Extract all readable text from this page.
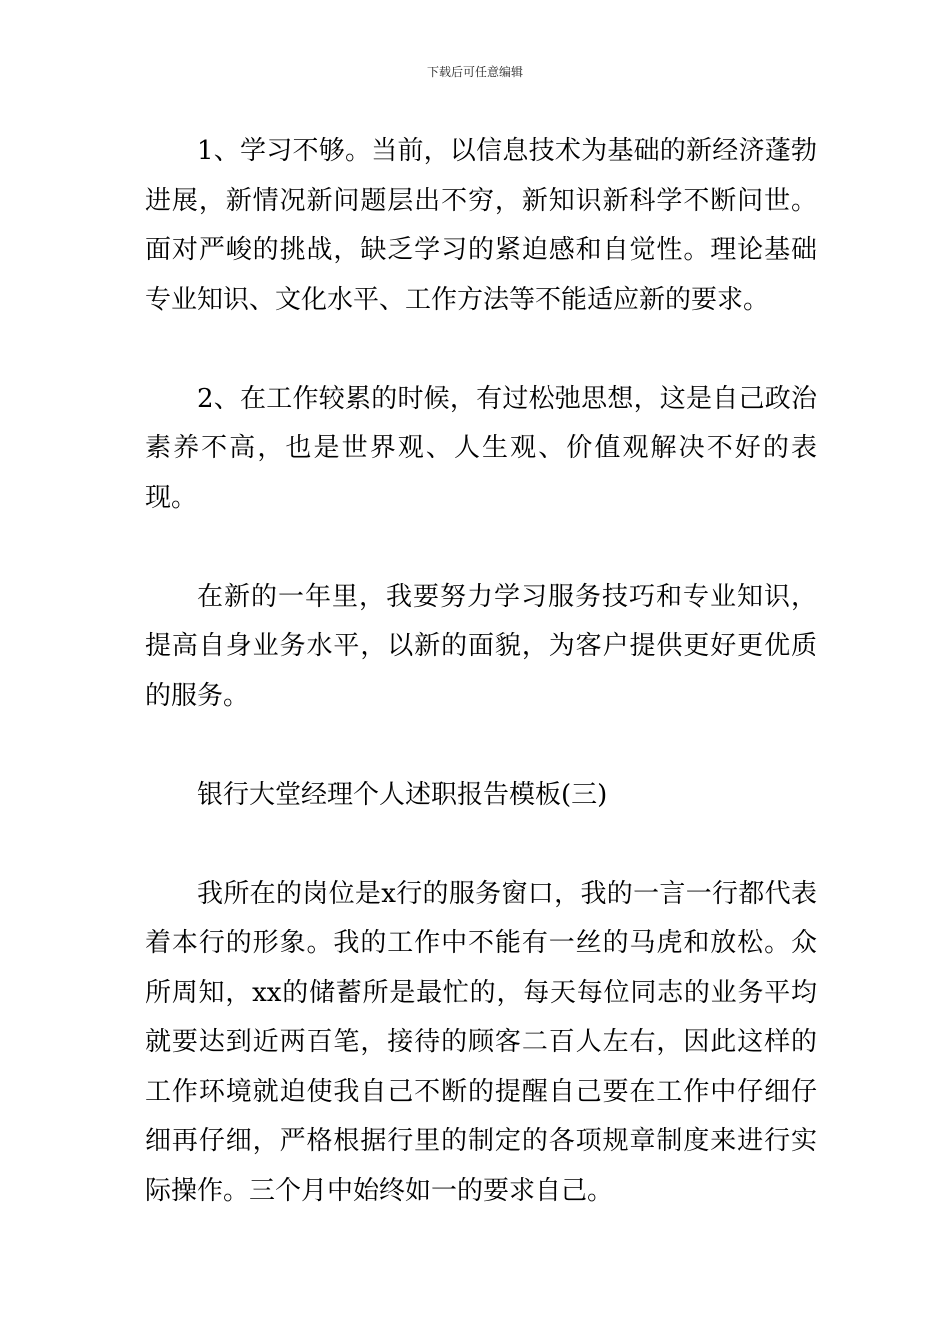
下载后可任意编辑

1、学习不够。当前，以信息技术为基础的新经济蓬勃进展，新情况新问题层出不穷，新知识新科学不断问世。面对严峻的挑战，缺乏学习的紧迫感和自觉性。理论基础专业知识、文化水平、工作方法等不能适应新的要求。

2、在工作较累的时候，有过松弛思想，这是自己政治素养不高，也是世界观、人生观、价值观解决不好的表现。

在新的一年里，我要努力学习服务技巧和专业知识，提高自身业务水平，以新的面貌，为客户提供更好更优质的服务。

银行大堂经理个人述职报告模板(三)

我所在的岗位是x行的服务窗口，我的一言一行都代表着本行的形象。我的工作中不能有一丝的马虎和放松。众所周知，xx的储蓄所是最忙的，每天每位同志的业务平均就要达到近两百笔，接待的顾客二百人左右，因此这样的工作环境就迫使我自己不断的提醒自己要在工作中仔细仔细再仔细，严格根据行里的制定的各项规章制度来进行实际操作。三个月中始终如一的要求自己。
